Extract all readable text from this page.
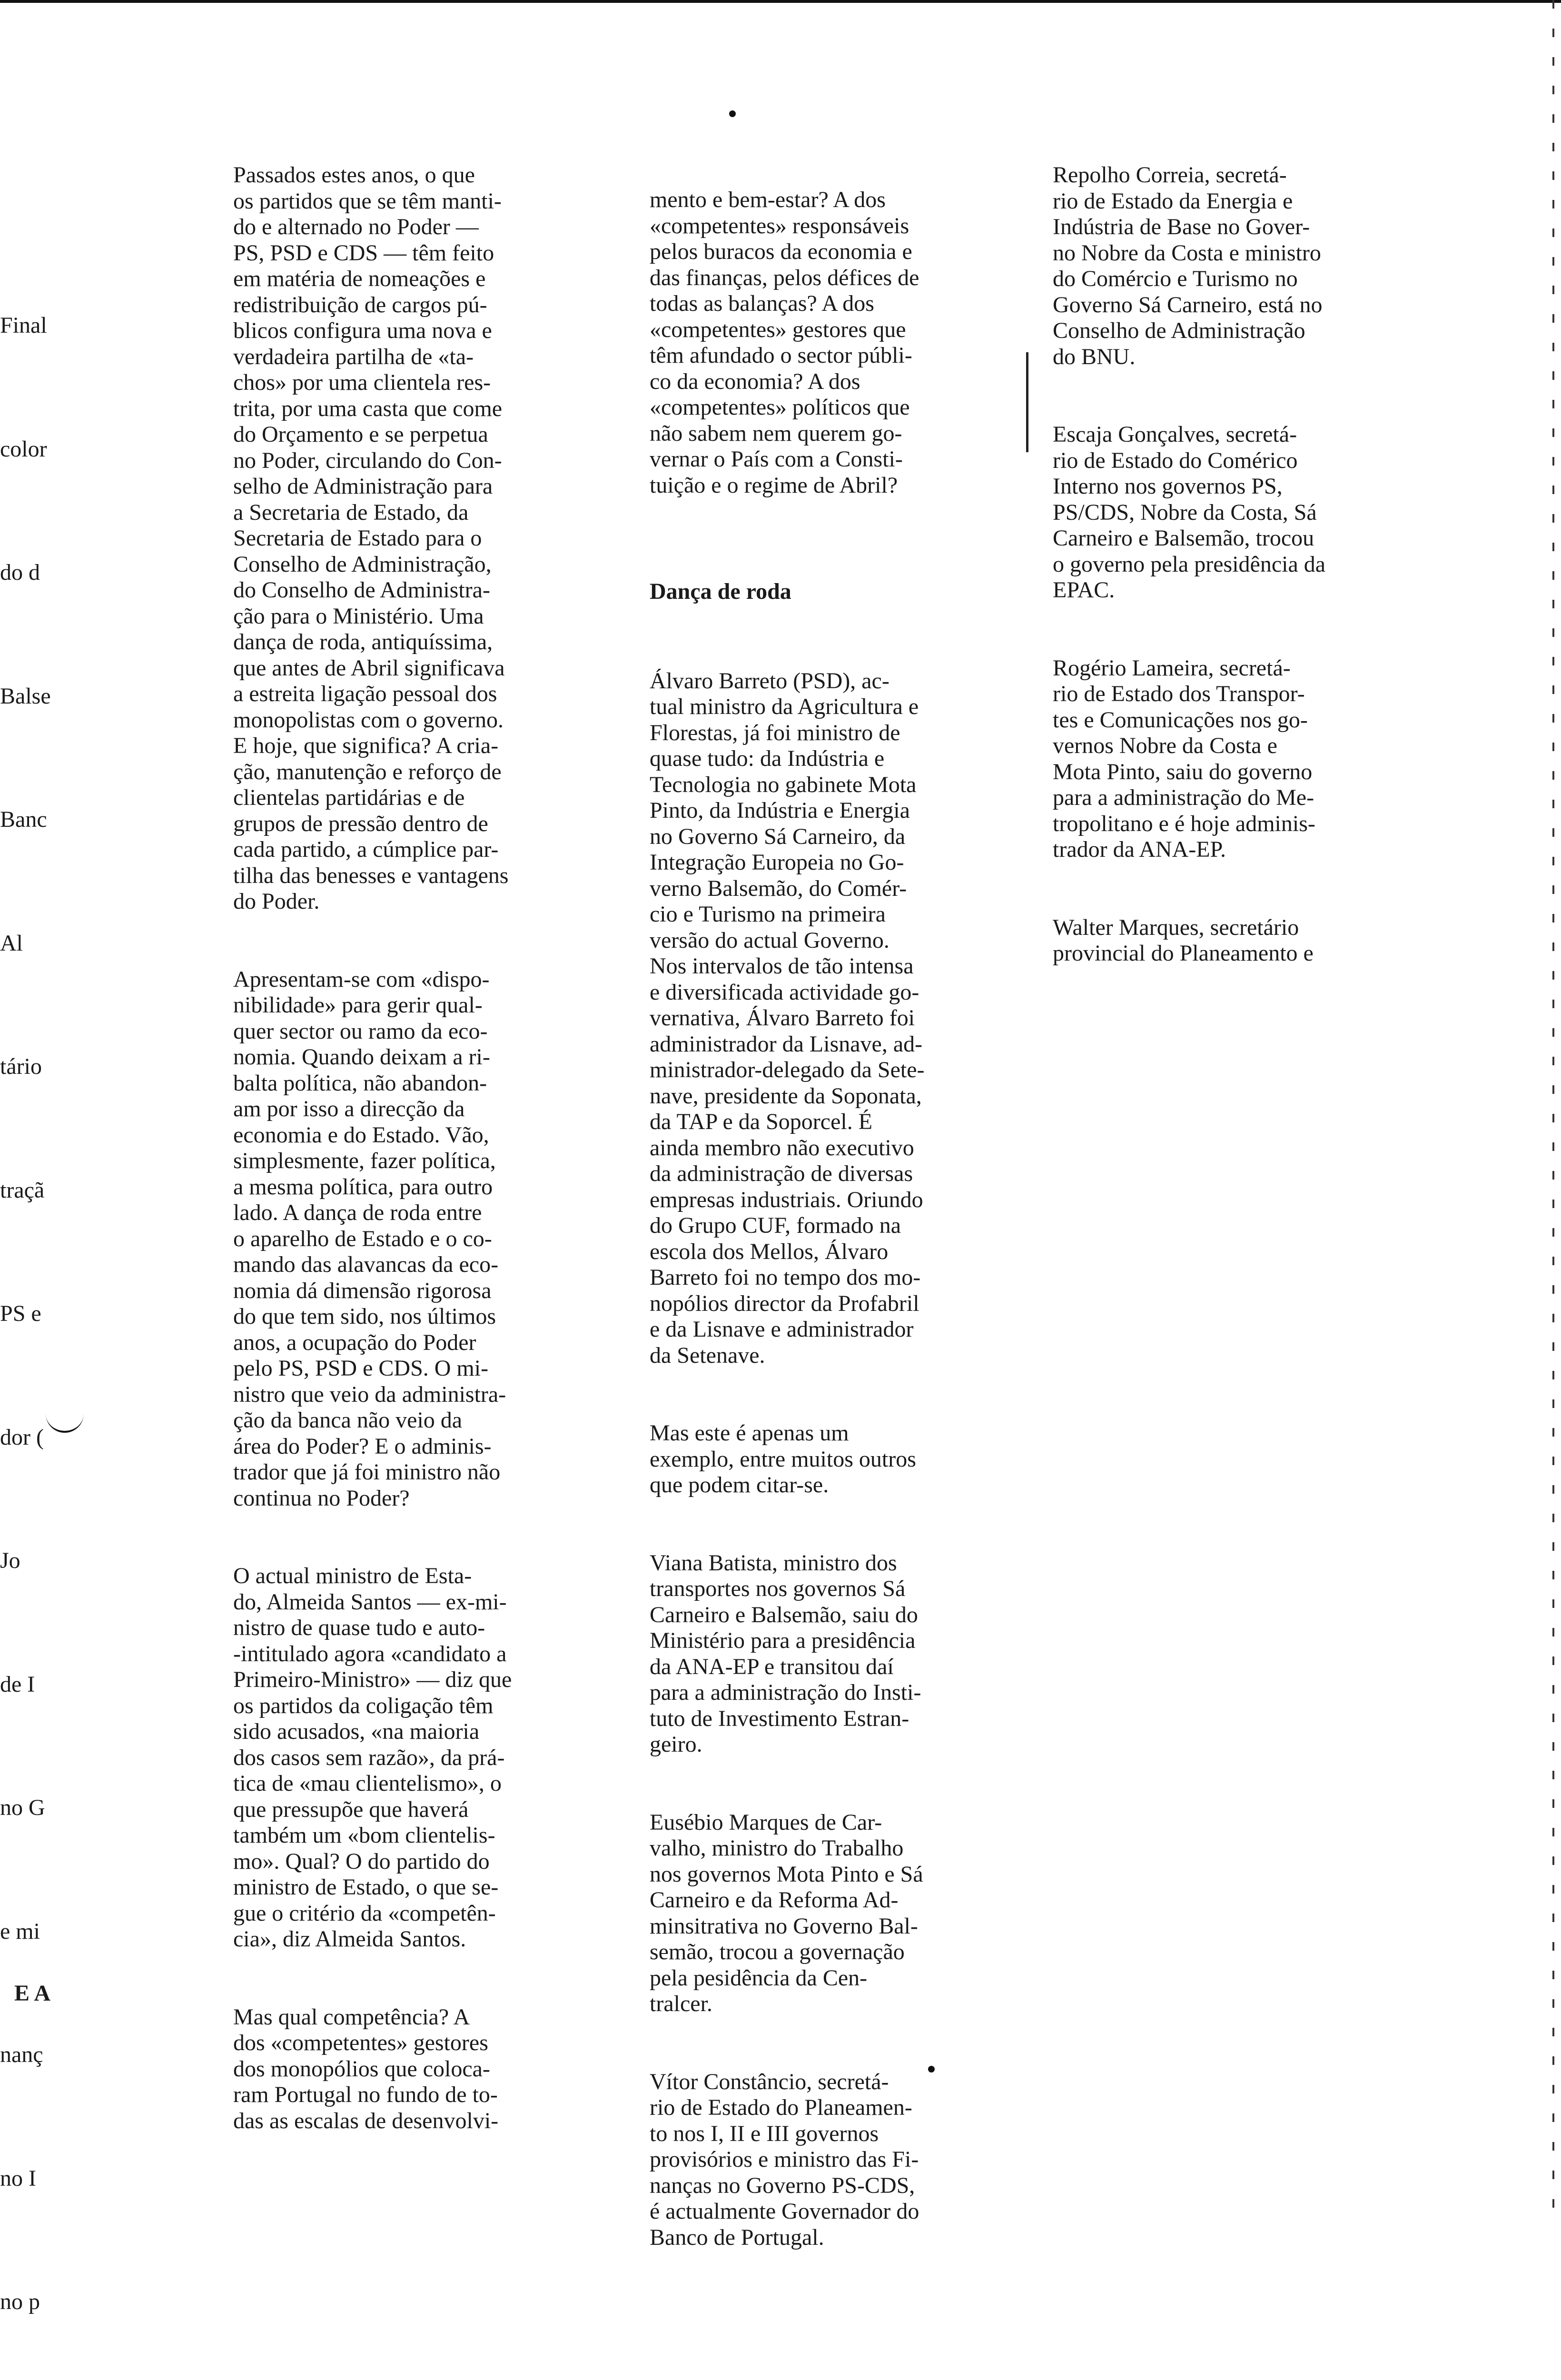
Final

color

do d

Balse

Banc

Al

tário

traçã

PS e

dor (

Jo

de I

no G

e mi

nanç

no I

no p

Passados estes anos, o que
os partidos que se têm manti-
do e alternado no Poder —
PS, PSD e CDS — têm feito
em matéria de nomeações e
redistribuição de cargos pú-
blicos configura uma nova e
verdadeira partilha de «ta-
chos» por uma clientela res-
trita, por uma casta que come
do Orçamento e se perpetua
no Poder, circulando do Con-
selho de Administração para
a Secretaria de Estado, da
Secretaria de Estado para o
Conselho de Administração,
do Conselho de Administra-
ção para o Ministério. Uma
dança de roda, antiquíssima,
que antes de Abril significava
a estreita ligação pessoal dos
monopolistas com o governo.
E hoje, que significa? A cria-
ção, manutenção e reforço de
clientelas partidárias e de
grupos de pressão dentro de
cada partido, a cúmplice par-
tilha das benesses e vantagens
do Poder.

Apresentam-se com «dispo-
nibilidade» para gerir qual-
quer sector ou ramo da eco-
nomia. Quando deixam a ri-
balta política, não abandon-
am por isso a direcção da
economia e do Estado. Vão,
simplesmente, fazer política,
a mesma política, para outro
lado. A dança de roda entre
o aparelho de Estado e o co-
mando das alavancas da eco-
nomia dá dimensão rigorosa
do que tem sido, nos últimos
anos, a ocupação do Poder
pelo PS, PSD e CDS. O mi-
nistro que veio da administra-
ção da banca não veio da
área do Poder? E o adminis-
trador que já foi ministro não
continua no Poder?

O actual ministro de Esta-
do, Almeida Santos — ex-mi-
nistro de quase tudo e auto-
-intitulado agora «candidato a
Primeiro-Ministro» — diz que
os partidos da coligação têm
sido acusados, «na maioria
dos casos sem razão», da prá-
tica de «mau clientelismo», o
que pressupõe que haverá
também um «bom clientelis-
mo». Qual? O do partido do
ministro de Estado, o que se-
gue o critério da «competên-
cia», diz Almeida Santos.

Mas qual competência? A
dos «competentes» gestores
dos monopólios que coloca-
ram Portugal no fundo de to-
das as escalas de desenvolvi-

mento e bem-estar? A dos
«competentes» responsáveis
pelos buracos da economia e
das finanças, pelos défices de
todas as balanças? A dos
«competentes» gestores que
têm afundado o sector públi-
co da economia? A dos
«competentes» políticos que
não sabem nem querem go-
vernar o País com a Consti-
tuição e o regime de Abril?

Dança de roda

Álvaro Barreto (PSD), ac-
tual ministro da Agricultura e
Florestas, já foi ministro de
quase tudo: da Indústria e
Tecnologia no gabinete Mota
Pinto, da Indústria e Energia
no Governo Sá Carneiro, da
Integração Europeia no Go-
verno Balsemão, do Comér-
cio e Turismo na primeira
versão do actual Governo.
Nos intervalos de tão intensa
e diversificada actividade go-
vernativa, Álvaro Barreto foi
administrador da Lisnave, ad-
ministrador-delegado da Sete-
nave, presidente da Soponata,
da TAP e da Soporcel. É
ainda membro não executivo
da administração de diversas
empresas industriais. Oriundo
do Grupo CUF, formado na
escola dos Mellos, Álvaro
Barreto foi no tempo dos mo-
nopólios director da Profabril
e da Lisnave e administrador
da Setenave.

Mas este é apenas um
exemplo, entre muitos outros
que podem citar-se.

Viana Batista, ministro dos
transportes nos governos Sá
Carneiro e Balsemão, saiu do
Ministério para a presidência
da ANA-EP e transitou daí
para a administração do Insti-
tuto de Investimento Estran-
geiro.

Eusébio Marques de Car-
valho, ministro do Trabalho
nos governos Mota Pinto e Sá
Carneiro e da Reforma Ad-
minsitrativa no Governo Bal-
semão, trocou a governação
pela pesidência da Cen-
tralcer.

Vítor Constâncio, secretá-
rio de Estado do Planeamen-
to nos I, II e III governos
provisórios e ministro das Fi-
nanças no Governo PS-CDS,
é actualmente Governador do
Banco de Portugal.

Repolho Correia, secretá-
rio de Estado da Energia e
Indústria de Base no Gover-
no Nobre da Costa e ministro
do Comércio e Turismo no
Governo Sá Carneiro, está no
Conselho de Administração
do BNU.

Escaja Gonçalves, secretá-
rio de Estado do Comérico
Interno nos governos PS,
PS/CDS, Nobre da Costa, Sá
Carneiro e Balsemão, trocou
o governo pela presidência da
EPAC.

Rogério Lameira, secretá-
rio de Estado dos Transpor-
tes e Comunicações nos go-
vernos Nobre da Costa e
Mota Pinto, saiu do governo
para a administração do Me-
tropolitano e é hoje adminis-
trador da ANA-EP.

Walter Marques, secretário
provincial do Planeamento e

E A
